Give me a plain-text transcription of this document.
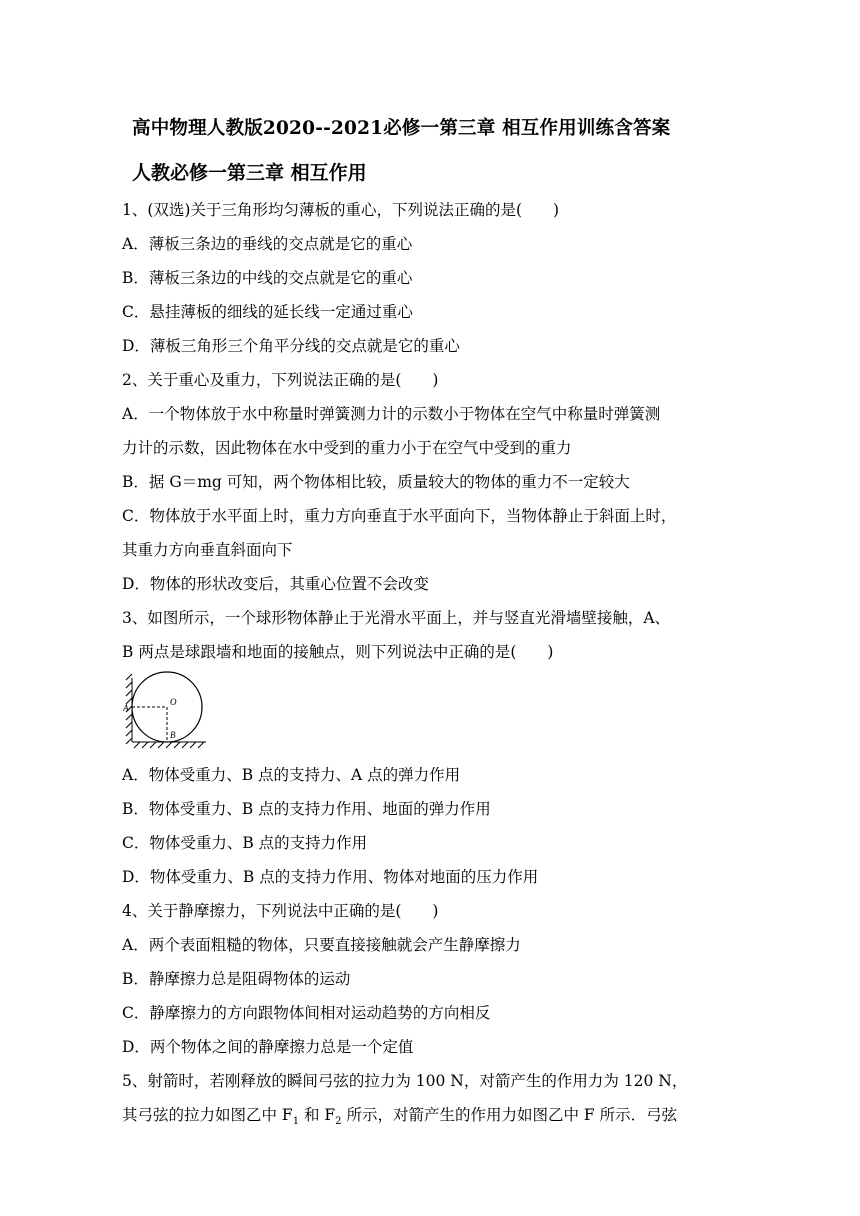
高中物理人教版2020--2021必修一第三章 相互作用训练含答案
人教必修一第三章 相互作用
1、(双选)关于三角形均匀薄板的重心，下列说法正确的是(　　)
A．薄板三条边的垂线的交点就是它的重心
B．薄板三条边的中线的交点就是它的重心
C．悬挂薄板的细线的延长线一定通过重心
D．薄板三角形三个角平分线的交点就是它的重心
2、关于重心及重力，下列说法正确的是(　　)
A．一个物体放于水中称量时弹簧测力计的示数小于物体在空气中称量时弹簧测
力计的示数，因此物体在水中受到的重力小于在空气中受到的重力
B．据 G＝mg 可知，两个物体相比较，质量较大的物体的重力不一定较大
C．物体放于水平面上时，重力方向垂直于水平面向下，当物体静止于斜面上时，
其重力方向垂直斜面向下
D．物体的形状改变后，其重心位置不会改变
3、如图所示，一个球形物体静止于光滑水平面上，并与竖直光滑墙壁接触，A、
B 两点是球跟墙和地面的接触点，则下列说法中正确的是(　　)
O
A
B
A．物体受重力、B 点的支持力、A 点的弹力作用
B．物体受重力、B 点的支持力作用、地面的弹力作用
C．物体受重力、B 点的支持力作用
D．物体受重力、B 点的支持力作用、物体对地面的压力作用
4、关于静摩擦力，下列说法中正确的是(　　)
A．两个表面粗糙的物体，只要直接接触就会产生静摩擦力
B．静摩擦力总是阻碍物体的运动
C．静摩擦力的方向跟物体间相对运动趋势的方向相反
D．两个物体之间的静摩擦力总是一个定值
5、射箭时，若刚释放的瞬间弓弦的拉力为 100 N，对箭产生的作用力为 120 N，
其弓弦的拉力如图乙中 $F_1$ 和 $F_2$ 所示，对箭产生的作用力如图乙中 F 所示．弓弦
